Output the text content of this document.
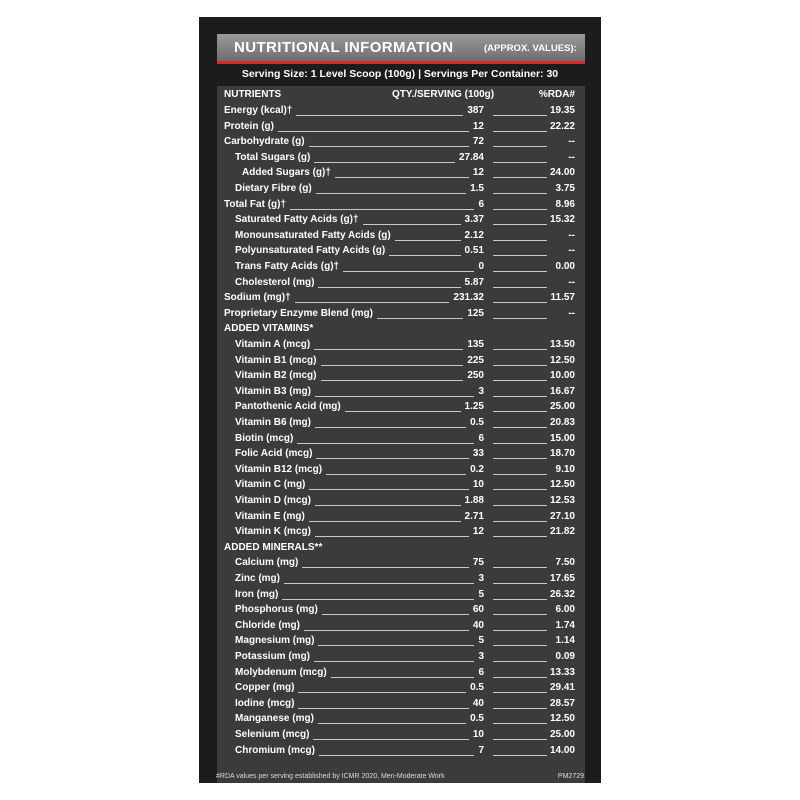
NUTRITIONAL INFORMATION	(APPROX. VALUES):
Serving Size: 1 Level Scoop (100g) | Servings Per Container: 30
NUTRIENTS	QTY./SERVING (100g)	%RDA#
ADDED VITAMINS*
ADDED MINERALS**
Energy (kcal)†	387	19.35
Protein (g)	12	22.22
Carbohydrate (g)	72	--
Total Sugars (g)	27.84	--
Added Sugars (g)†	12	24.00
Dietary Fibre (g)	1.5	3.75
Total Fat (g)†	6	8.96
Saturated Fatty Acids (g)†	3.37	15.32
Monounsaturated Fatty Acids (g)	2.12	--
Polyunsaturated Fatty Acids (g)	0.51	--
Trans Fatty Acids (g)†	0	0.00
Cholesterol (mg)	5.87	--
Sodium (mg)†	231.32	11.57
Proprietary Enzyme Blend (mg)	125	--
Vitamin A (mcg)	135	13.50
Vitamin B1 (mcg)	225	12.50
Vitamin B2 (mcg)	250	10.00
Vitamin B3 (mg)	3	16.67
Pantothenic Acid (mg)	1.25	25.00
Vitamin B6 (mg)	0.5	20.83
Biotin (mcg)	6	15.00
Folic Acid (mcg)	33	18.70
Vitamin B12 (mcg)	0.2	9.10
Vitamin C (mg)	10	12.50
Vitamin D (mcg)	1.88	12.53
Vitamin E (mg)	2.71	27.10
Vitamin K (mcg)	12	21.82
Calcium (mg)	75	7.50
Zinc (mg)	3	17.65
Iron (mg)	5	26.32
Phosphorus (mg)	60	6.00
Chloride (mg)	40	1.74
Magnesium (mg)	5	1.14
Potassium (mg)	3	0.09
Molybdenum (mcg)	6	13.33
Copper (mg)	0.5	29.41
Iodine (mcg)	40	28.57
Manganese (mg)	0.5	12.50
Selenium (mcg)	10	25.00
Chromium (mcg)	7	14.00
#RDA values per serving established by ICMR 2020, Men-Moderate Work	PM2729
